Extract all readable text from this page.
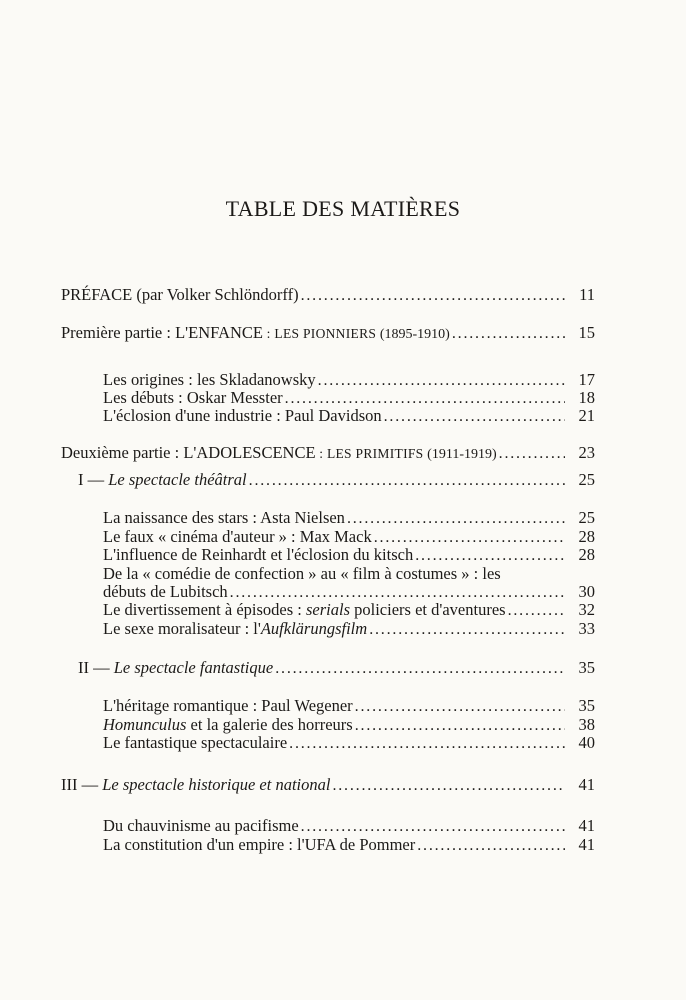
TABLE DES MATIÈRES
PRÉFACE (par Volker Schlöndorff) . . .	11
Première partie : L'ENFANCE : LES PIONNIERS (1895-1910) . . .	15
Les origines : les Skladanowsky . . .	17
Les débuts : Oskar Messter . . .	18
L'éclosion d'une industrie : Paul Davidson . . .	21
Deuxième partie : L'ADOLESCENCE : LES PRIMITIFS (1911-1919) . . .	23
I — Le spectacle théâtral . . .	25
La naissance des stars : Asta Nielsen . . .	25
Le faux « cinéma d'auteur » : Max Mack . . .	28
L'influence de Reinhardt et l'éclosion du kitsch . . .	28
De la « comédie de confection » au « film à costumes » : les
débuts de Lubitsch . . .	30
Le divertissement à épisodes : serials policiers et d'aventures . . .	32
Le sexe moralisateur : l'Aufklärungsfilm . . .	33
II — Le spectacle fantastique . . .	35
L'héritage romantique : Paul Wegener . . .	35
Homunculus et la galerie des horreurs . . .	38
Le fantastique spectaculaire . . .	40
III — Le spectacle historique et national . . .	41
Du chauvinisme au pacifisme . . .	41
La constitution d'un empire : l'UFA de Pommer . . .	41
